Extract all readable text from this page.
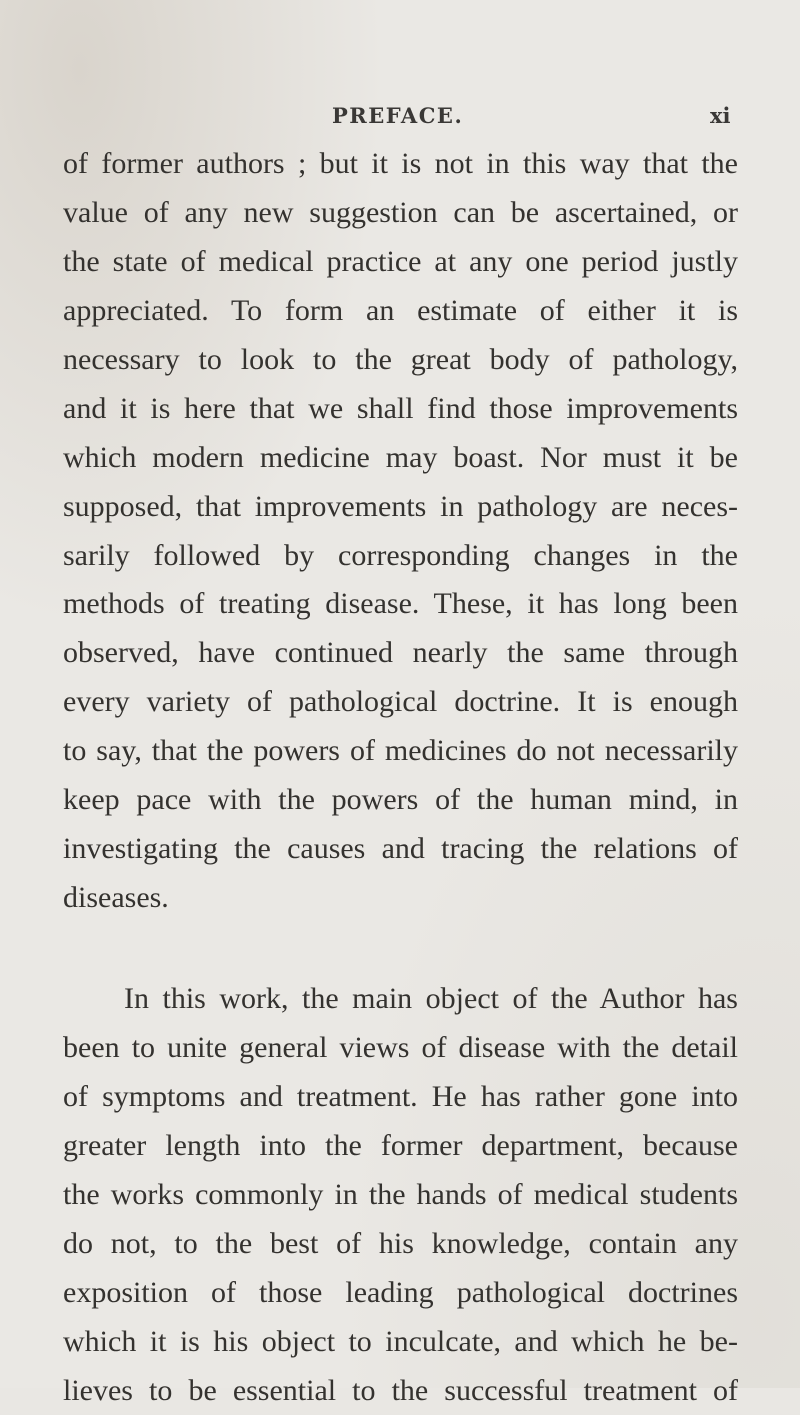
PREFACE.	xi
of former authors ; but it is not in this way that the
value of any new suggestion can be ascertained, or
the state of medical practice at any one period justly
appreciated. To form an estimate of either it is
necessary to look to the great body of pathology,
and it is here that we shall find those improvements
which modern medicine may boast. Nor must it be
supposed, that improvements in pathology are neces-
sarily followed by corresponding changes in the
methods of treating disease. These, it has long been
observed, have continued nearly the same through
every variety of pathological doctrine. It is enough
to say, that the powers of medicines do not necessarily
keep pace with the powers of the human mind, in
investigating the causes and tracing the relations of
diseases.
In this work, the main object of the Author has
been to unite general views of disease with the detail
of symptoms and treatment. He has rather gone into
greater length into the former department, because
the works commonly in the hands of medical students
do not, to the best of his knowledge, contain any
exposition of those leading pathological doctrines
which it is his object to inculcate, and which he be-
lieves to be essential to the successful treatment of
